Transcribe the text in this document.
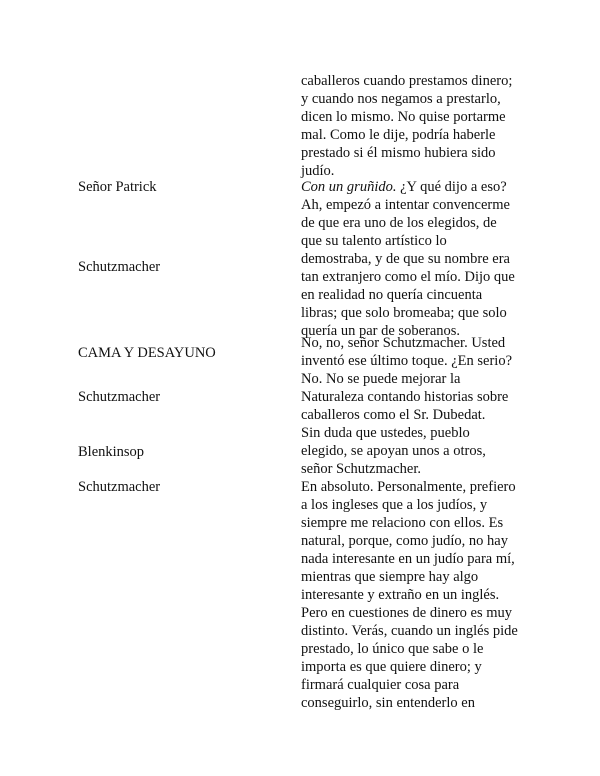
caballeros cuando prestamos dinero;
y cuando nos negamos a prestarlo,
dicen lo mismo. No quise portarme
mal. Como le dije, podría haberle
prestado si él mismo hubiera sido
judío.
Señor Patrick	Con un gruñido. ¿Y qué dijo a eso?
Schutzmacher
Ah, empezó a intentar convencerme
de que era uno de los elegidos, de
que su talento artístico lo
demostraba, y de que su nombre era
tan extranjero como el mío. Dijo que
en realidad no quería cincuenta
libras; que solo bromeaba; que solo
quería un par de soberanos.
CAMA Y DESAYUNO
No, no, señor Schutzmacher. Usted
inventó ese último toque. ¿En serio?
Schutzmacher
No. No se puede mejorar la
Naturaleza contando historias sobre
caballeros como el Sr. Dubedat.
Blenkinsop
Sin duda que ustedes, pueblo
elegido, se apoyan unos a otros,
señor Schutzmacher.
Schutzmacher	En absoluto. Personalmente, prefiero
a los ingleses que a los judíos, y
siempre me relaciono con ellos. Es
natural, porque, como judío, no hay
nada interesante en un judío para mí,
mientras que siempre hay algo
interesante y extraño en un inglés.
Pero en cuestiones de dinero es muy
distinto. Verás, cuando un inglés pide
prestado, lo único que sabe o le
importa es que quiere dinero; y
firmará cualquier cosa para
conseguirlo, sin entenderlo en
